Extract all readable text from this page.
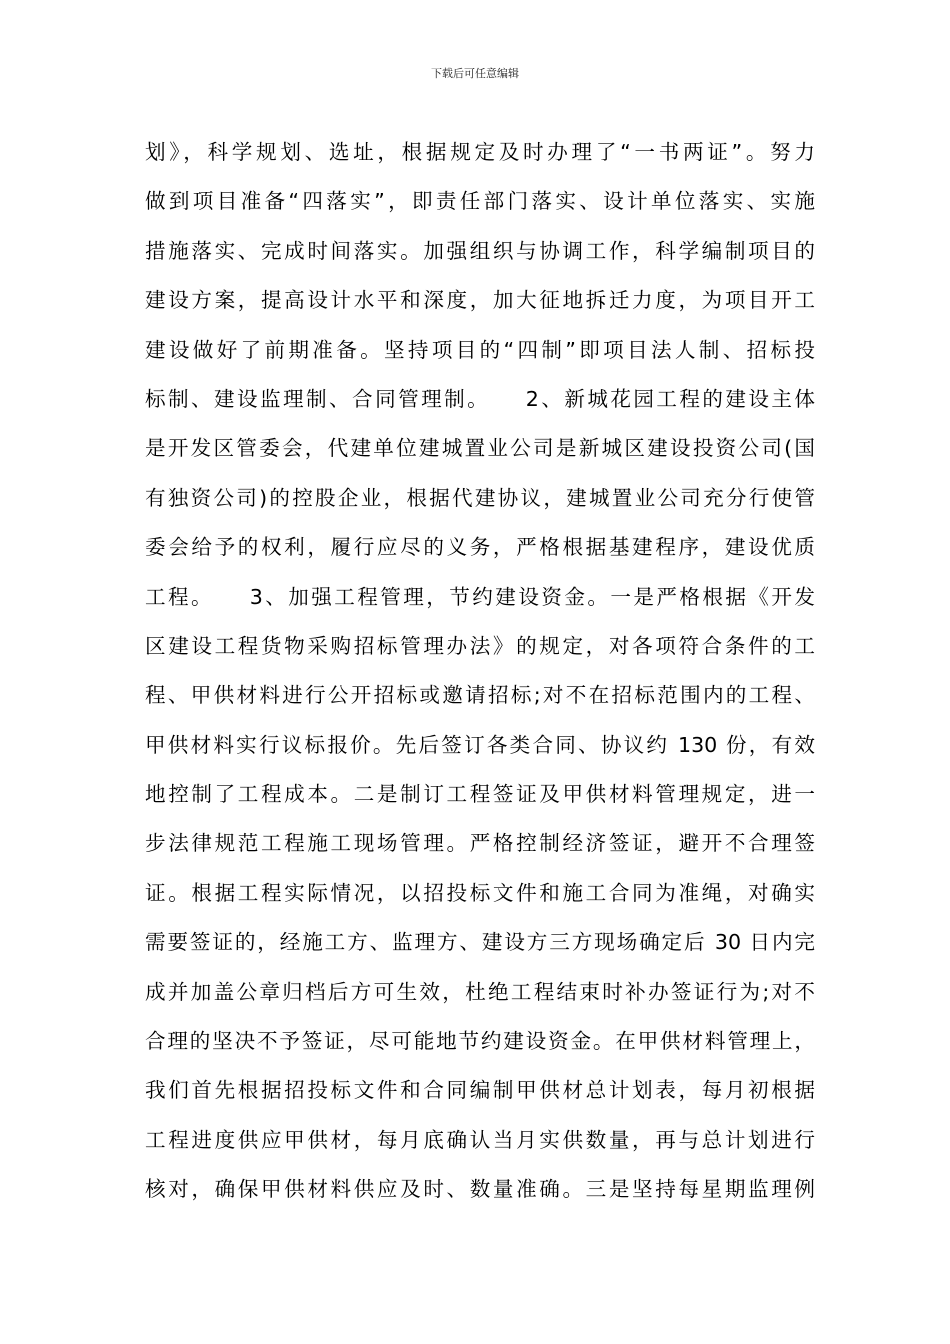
下载后可任意编辑
划》，科学规划、选址，根据规定及时办理了“一书两证”。努力
做到项目准备“四落实”，即责任部门落实、设计单位落实、实施
措施落实、完成时间落实。加强组织与协调工作，科学编制项目的
建设方案，提高设计水平和深度，加大征地拆迁力度，为项目开工
建设做好了前期准备。坚持项目的“四制”即项目法人制、招标投
标制、建设监理制、合同管理制。　　2、新城花园工程的建设主体
是开发区管委会，代建单位建城置业公司是新城区建设投资公司(国
有独资公司)的控股企业，根据代建协议，建城置业公司充分行使管
委会给予的权利，履行应尽的义务，严格根据基建程序，建设优质
工程。　　3、加强工程管理，节约建设资金。一是严格根据《开发
区建设工程货物采购招标管理办法》的规定，对各项符合条件的工
程、甲供材料进行公开招标或邀请招标;对不在招标范围内的工程、
甲供材料实行议标报价。先后签订各类合同、协议约 130 份，有效
地控制了工程成本。二是制订工程签证及甲供材料管理规定，进一
步法律规范工程施工现场管理。严格控制经济签证，避开不合理签
证。根据工程实际情况，以招投标文件和施工合同为准绳，对确实
需要签证的，经施工方、监理方、建设方三方现场确定后 30 日内完
成并加盖公章归档后方可生效，杜绝工程结束时补办签证行为;对不
合理的坚决不予签证，尽可能地节约建设资金。在甲供材料管理上，
我们首先根据招投标文件和合同编制甲供材总计划表，每月初根据
工程进度供应甲供材，每月底确认当月实供数量，再与总计划进行
核对，确保甲供材料供应及时、数量准确。三是坚持每星期监理例
